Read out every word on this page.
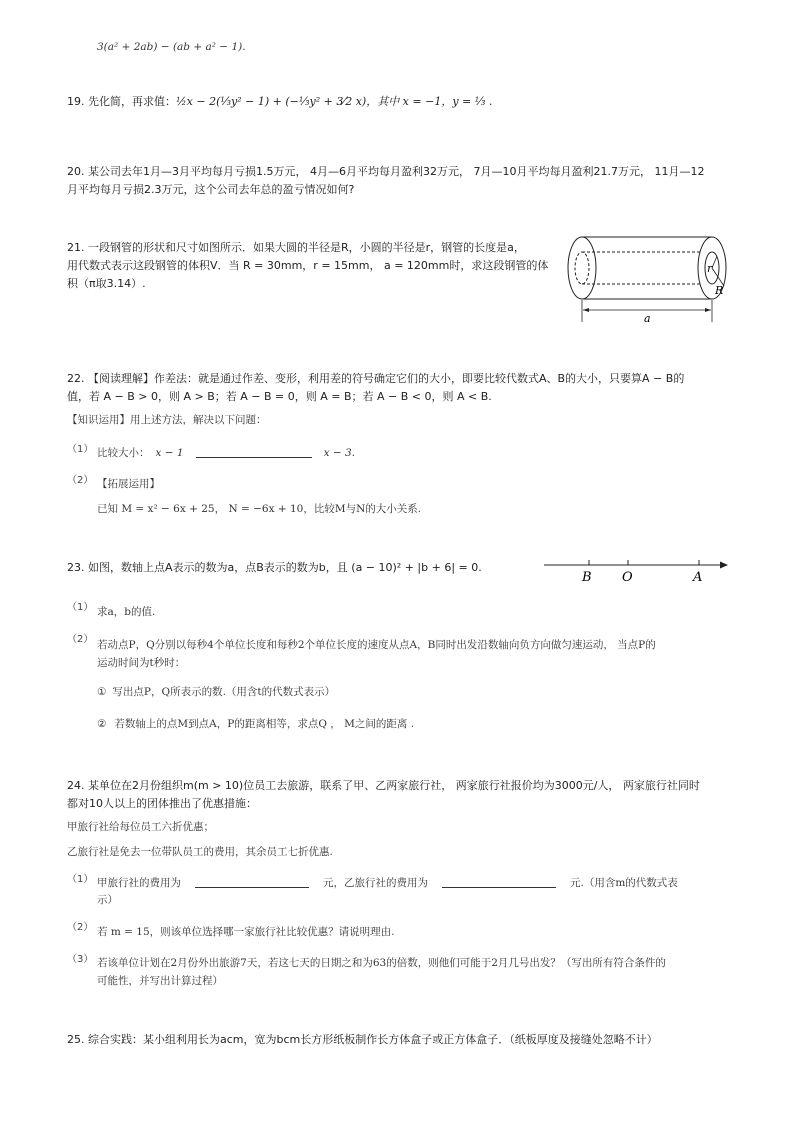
3(a² + 2ab) − (ab + a² − 1).
19. 先化简，再求值：½x − 2(⅓y² − 1) + (−⅓y² + 3⁄2 x)，其中 x = −1，y = ⅓ .
20. 某公司去年1月—3月平均每月亏损1.5万元， 4月—6月平均每月盈利32万元， 7月—10月平均每月盈利21.7万元， 11月—12
月平均每月亏损2.3万元，这个公司去年总的盈亏情况如何?
21. 一段钢管的形状和尺寸如图所示．如果大圆的半径是R，小圆的半径是r，钢管的长度是a，
用代数式表示这段钢管的体积V．当 R = 30mm，r = 15mm， a = 120mm时，求这段钢管的体
积（π取3.14）.
r
R
a
22. 【阅读理解】作差法：就是通过作差、变形，利用差的符号确定它们的大小，即要比较代数式A、B的大小，只要算A − B的
值，若 A − B > 0，则 A > B；若 A − B = 0，则 A = B；若 A − B < 0，则 A < B.
【知识运用】用上述方法，解决以下问题：
（1） 比较大小： x − 1	x − 3.
（2） 【拓展运用】
已知 M = x² − 6x + 25， N = −6x + 10，比较M与N的大小关系.
23. 如图，数轴上点A表示的数为a，点B表示的数为b，且 (a − 10)² + |b + 6| = 0.
B O	A
（1） 求a，b的值.
（2） 若动点P，Q分别以每秒4个单位长度和每秒2个单位长度的速度从点A，B同时出发沿数轴向负方向做匀速运动， 当点P的
运动时间为t秒时：
① 写出点P，Q所表示的数.（用含t的代数式表示）
② 若数轴上的点M到点A，P的距离相等，求点Q ， M之间的距离 .
24. 某单位在2月份组织m(m > 10)位员工去旅游，联系了甲、乙两家旅行社， 两家旅行社报价均为3000元/人， 两家旅行社同时
都对10人以上的团体推出了优惠措施：
甲旅行社给每位员工六折优惠；
乙旅行社是免去一位带队员工的费用，其余员工七折优惠.
（1） 甲旅行社的费用为	元，乙旅行社的费用为	元.（用含m的代数式表
示）
（2） 若 m = 15，则该单位选择哪一家旅行社比较优惠？请说明理由.
（3） 若该单位计划在2月份外出旅游7天，若这七天的日期之和为63的倍数，则他们可能于2月几号出发？（写出所有符合条件的
可能性，并写出计算过程）
25. 综合实践：某小组利用长为acm，宽为bcm长方形纸板制作长方体盒子或正方体盒子．（纸板厚度及接缝处忽略不计）
